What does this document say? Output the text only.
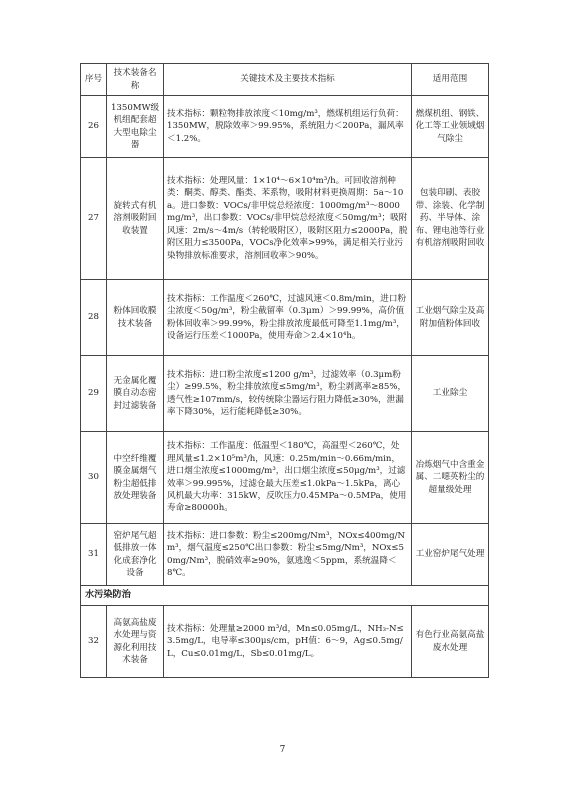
序号	技术装备名称	关键技术及主要技术指标	适用范围
26	1350MW级机组配套超大型电除尘器	技术指标：颗粒物排放浓度＜10mg/m³，燃煤机组运行负荷：1350MW，脱除效率＞99.95%，系统阻力＜200Pa，漏风率＜1.2%。	燃煤机组、钢铁、化工等工业领域烟气除尘
27	旋转式有机溶剂吸附回收装置	技术指标：处理风量：1×10⁴～6×10⁴m³/h。可回收溶剂种类：酮类、醇类、酯类、苯系物，吸附材料更换周期：5a～10a。进口参数：VOCs/非甲烷总烃浓度：1000mg/m³～8000mg/m³，出口参数：VOCs/非甲烷总烃浓度＜50mg/m³；吸附风速：2m/s～4m/s（转轮吸附区），吸附区阻力≤2000Pa，脱附区阻力≤3500Pa，VOCs净化效率>99%，满足相关行业污染物排放标准要求，溶剂回收率＞90%。	包装印刷、表胶带、涂装、化学制药、半导体、涂布、锂电池等行业有机溶剂吸附回收
28	粉体回收膜技术装备	技术指标：工作温度＜260℃，过滤风速＜0.8m/min，进口粉尘浓度＜50g/m³，粉尘截留率（0.3μm）＞99.99%，高价值粉体回收率＞99.99%，粉尘排放浓度最低可降至1.1mg/m³，设备运行压差＜1000Pa，使用寿命＞2.4×10⁴h。	工业烟气除尘及高附加值粉体回收
29	无金属化覆膜自动态密封过滤装备	技术指标：进口粉尘浓度≤1200 g/m³，过滤效率（0.3μm粉尘）≥99.5%，粉尘排放浓度≤5mg/m³，粉尘剥离率≥85%，透气性≥107mm/s，较传统除尘器运行阻力降低≥30%，泄漏率下降30%，运行能耗降低≥30%。	工业除尘
30	中空纤维覆膜金属烟气粉尘超低排放处理装备	技术指标：工作温度：低温型＜180℃，高温型＜260℃，处理风量≤1.2×10⁵m³/h，风速：0.25m/min～0.66m/min，进口烟尘浓度≤1000mg/m³，出口烟尘浓度≤50μg/m³，过滤效率＞99.995%，过滤仓最大压差≤1.0kPa～1.5kPa，离心风机最大功率：315kW，反吹压力0.45MPa～0.5MPa，使用寿命≥80000h。	冶炼烟气中含重金属、二噁英粉尘的超量级处理
31	窑炉尾气超低排放一体化成套净化设备	技术指标：进口参数：粉尘≤200mg/Nm³，NOx≤400mg/Nm³，烟气温度≤250℃出口参数：粉尘≤5mg/Nm³，NOx≤50mg/Nm³，脱硝效率≥90%，氨逃逸＜5ppm，系统温降＜8℃。	工业窑炉尾气处理
水污染防治			
32	高氨高盐废水处理与资源化利用技术装备	技术指标：处理量≥2000 m³/d，Mn≤0.05mg/L，NH₃-N≤3.5mg/L，电导率≤300μs/cm，pH值：6～9，Ag≤0.5mg/L，Cu≤0.01mg/L，Sb≤0.01mg/L。	有色行业高氨高盐废水处理
7
